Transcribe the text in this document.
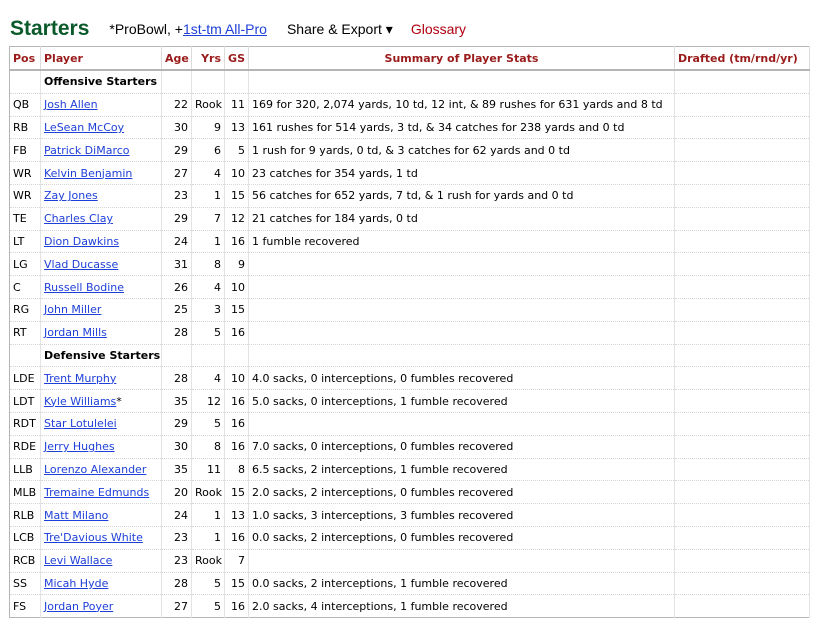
Starters *ProBowl, +1st-tm All-Pro Share & Export ▾ Glossary
Pos	Player	Age	Yrs	GS	Summary of Player Stats	Drafted (tm/rnd/yr)
	Offensive Starters					
QB	Josh Allen	22	Rook	11	169 for 320, 2,074 yards, 10 td, 12 int, & 89 rushes for 631 yards and 8 td	
RB	LeSean McCoy	30	9	13	161 rushes for 514 yards, 3 td, & 34 catches for 238 yards and 0 td	
FB	Patrick DiMarco	29	6	5	1 rush for 9 yards, 0 td, & 3 catches for 62 yards and 0 td	
WR	Kelvin Benjamin	27	4	10	23 catches for 354 yards, 1 td	
WR	Zay Jones	23	1	15	56 catches for 652 yards, 7 td, & 1 rush for yards and 0 td	
TE	Charles Clay	29	7	12	21 catches for 184 yards, 0 td	
LT	Dion Dawkins	24	1	16	1 fumble recovered	
LG	Vlad Ducasse	31	8	9		
C	Russell Bodine	26	4	10		
RG	John Miller	25	3	15		
RT	Jordan Mills	28	5	16		
	Defensive Starters					
LDE	Trent Murphy	28	4	10	4.0 sacks, 0 interceptions, 0 fumbles recovered	
LDT	Kyle Williams*	35	12	16	5.0 sacks, 0 interceptions, 1 fumble recovered	
RDT	Star Lotulelei	29	5	16		
RDE	Jerry Hughes	30	8	16	7.0 sacks, 0 interceptions, 0 fumbles recovered	
LLB	Lorenzo Alexander	35	11	8	6.5 sacks, 2 interceptions, 1 fumble recovered	
MLB	Tremaine Edmunds	20	Rook	15	2.0 sacks, 2 interceptions, 0 fumbles recovered	
RLB	Matt Milano	24	1	13	1.0 sacks, 3 interceptions, 3 fumbles recovered	
LCB	Tre'Davious White	23	1	16	0.0 sacks, 2 interceptions, 0 fumbles recovered	
RCB	Levi Wallace	23	Rook	7		
SS	Micah Hyde	28	5	15	0.0 sacks, 2 interceptions, 1 fumble recovered	
FS	Jordan Poyer	27	5	16	2.0 sacks, 4 interceptions, 1 fumble recovered	
